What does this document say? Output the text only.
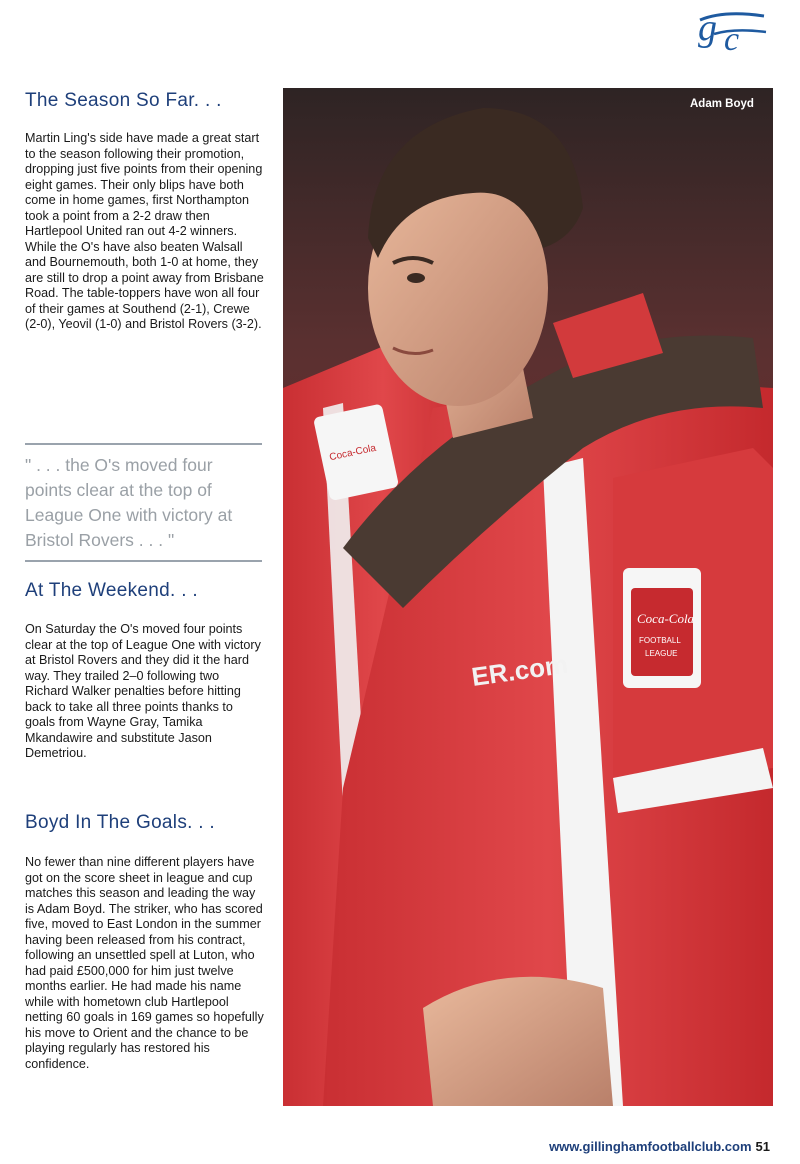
g c
The Season So Far. . .

Martin Ling's side have made a great start to the season following their promotion, dropping just five points from their opening eight games. Their only blips have both come in home games, first Northampton took a point from a 2-2 draw then Hartlepool United ran out 4-2 winners. While the O's have also beaten Walsall and Bournemouth, both 1-0 at home, they are still to drop a point away from Brisbane Road. The table-toppers have won all four of their games at Southend (2-1), Crewe (2-0), Yeovil (1-0) and Bristol Rovers (3-2).

" . . . the O's moved four points clear at the top of League One with victory at Bristol Rovers . . . "

At The Weekend. . .

On Saturday the O's moved four points clear at the top of League One with victory at Bristol Rovers and they did it the hard way. They trailed 2–0 following two Richard Walker penalties before hitting back to take all three points thanks to goals from Wayne Gray, Tamika Mkandawire and substitute Jason Demetriou.

Boyd In The Goals. . .

No fewer than nine different players have got on the score sheet in league and cup matches this season and leading the way is Adam Boyd. The striker, who has scored five, moved to East London in the summer having been released from his contract, following an unsettled spell at Luton, who had paid £500,000 for him just twelve months earlier. He had made his name while with hometown club Hartlepool netting 60 goals in 169 games so hopefully his move to Orient and the chance to be playing regularly has restored his confidence.

Coca-Cola
Coca-Cola
FOOTBALL
LEAGUE
ER.com
Adam Boyd
www.gillinghamfootballclub.com 51
